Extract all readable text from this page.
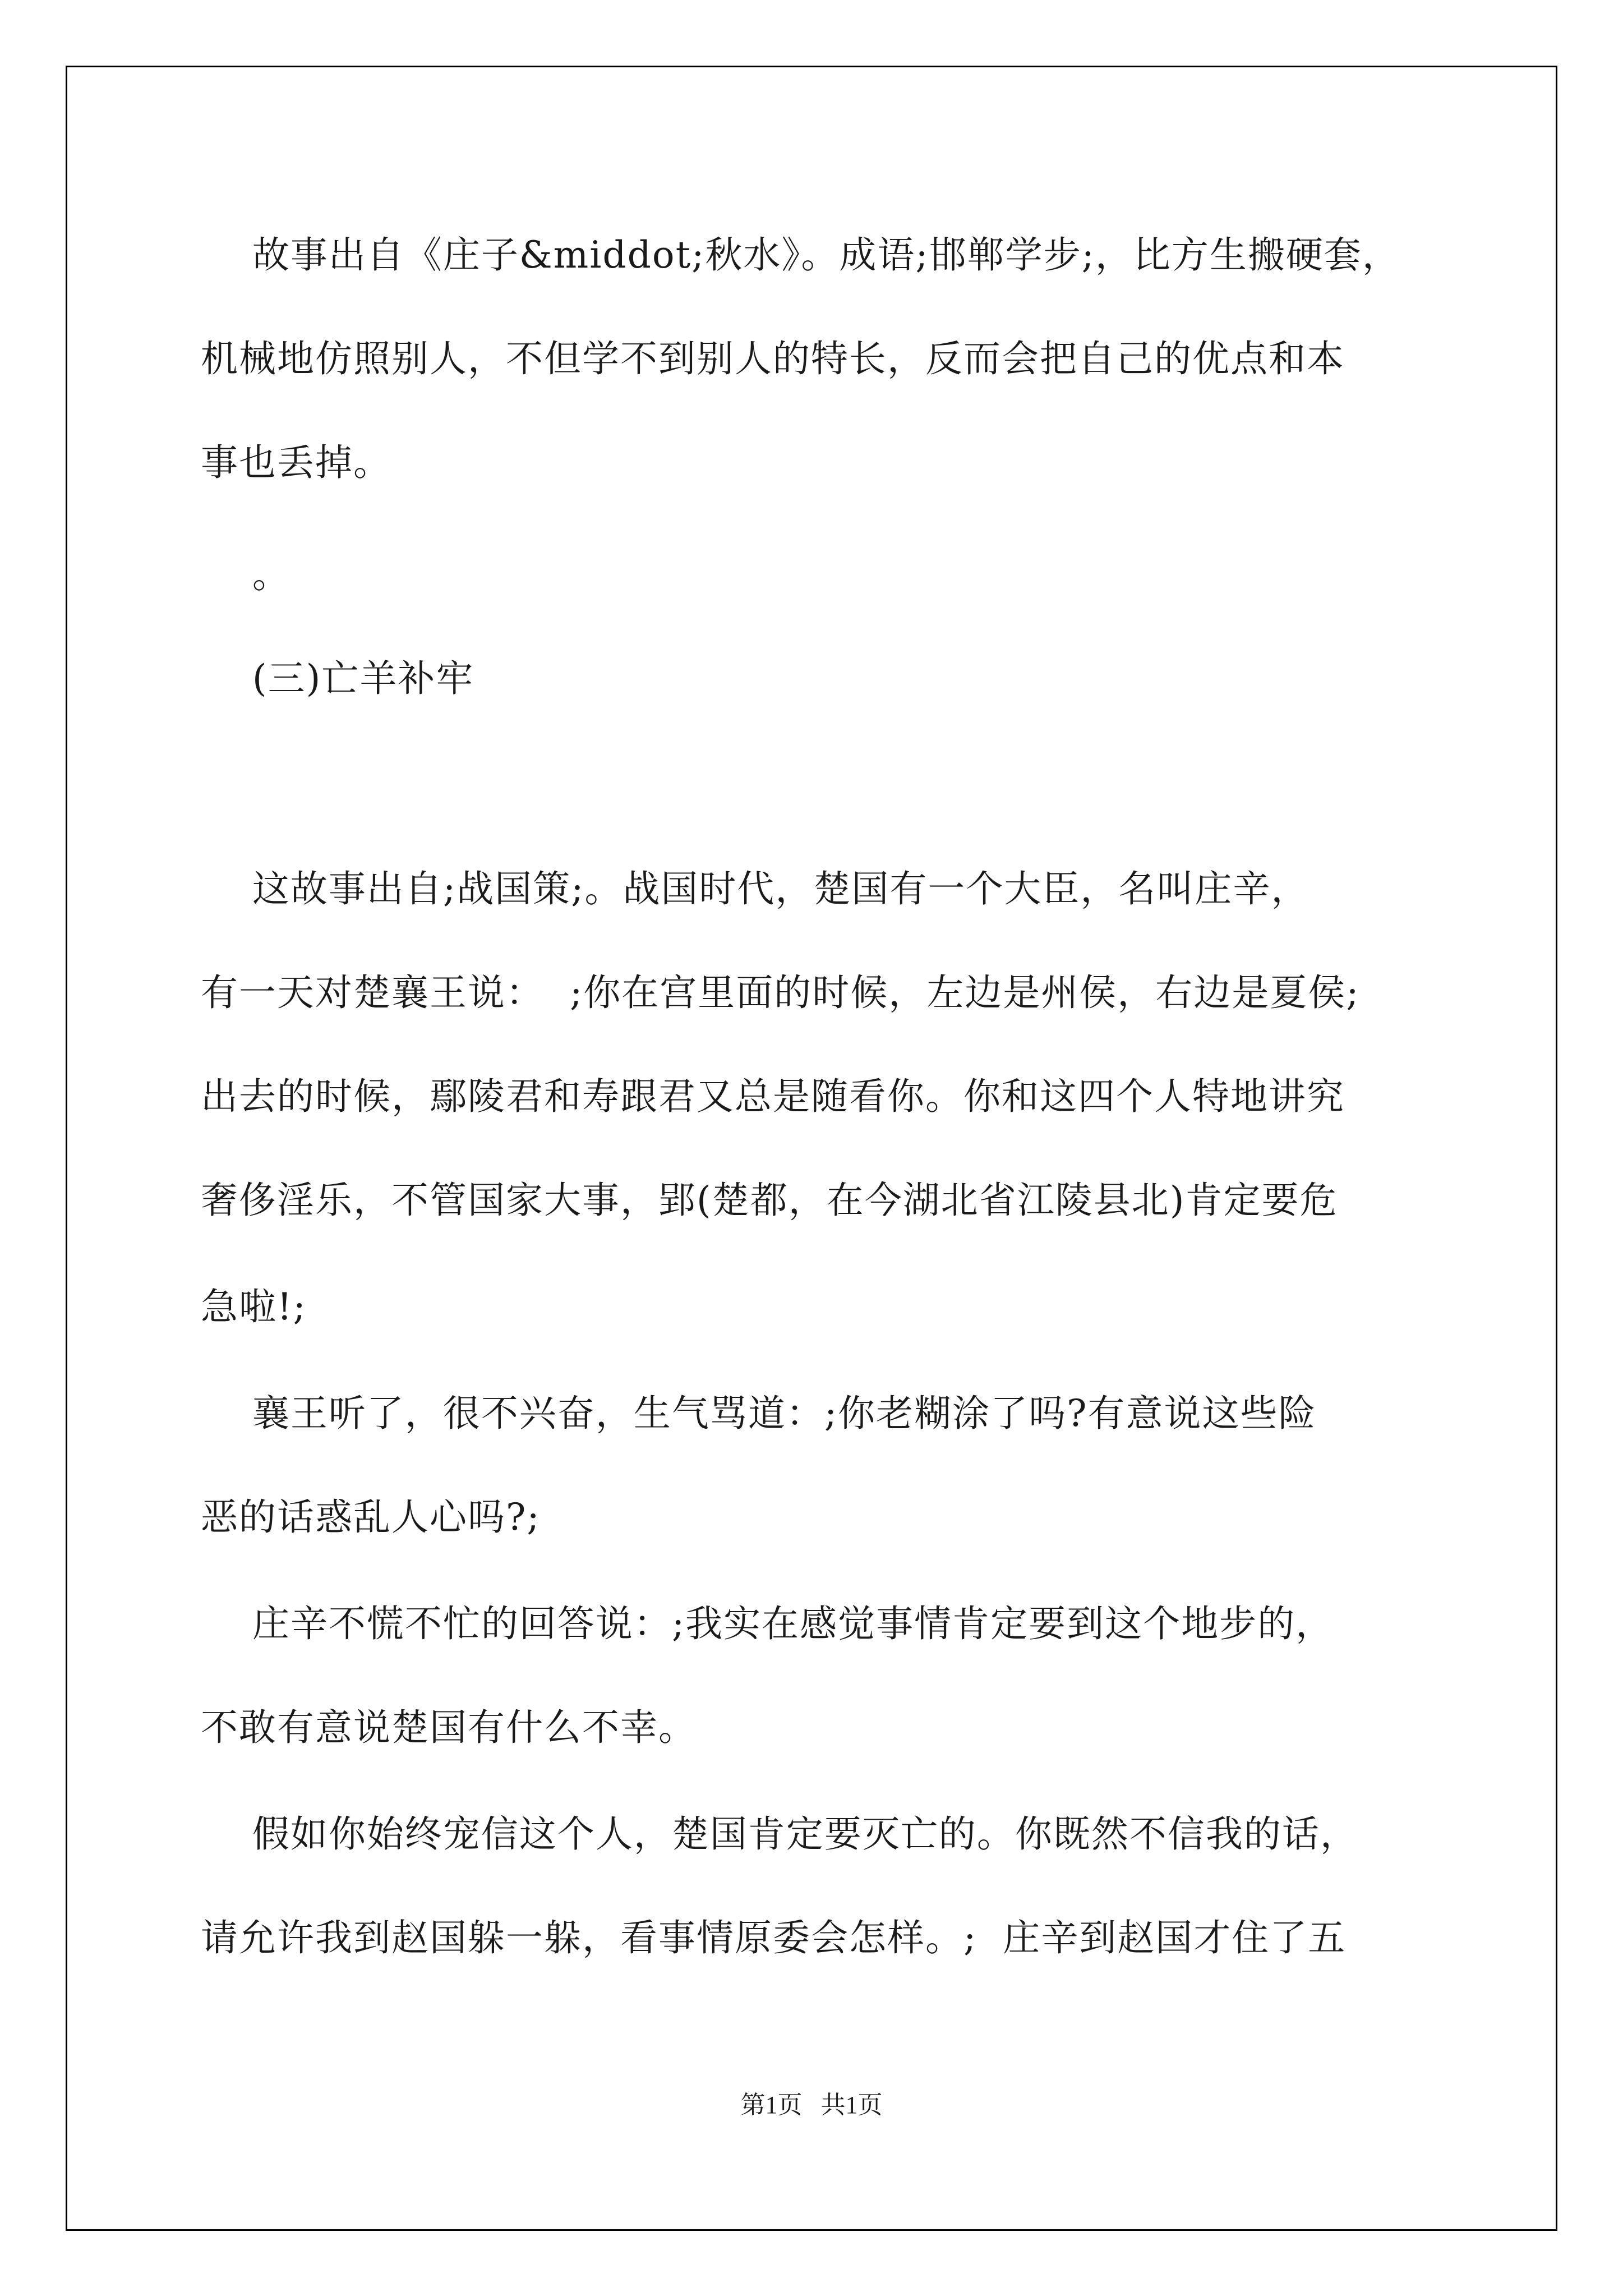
故事出自《庄子&middot;秋水》。成语;邯郸学步;，比方生搬硬套，

机械地仿照别人，不但学不到别人的特长，反而会把自己的优点和本

事也丢掉。

。

(三)亡羊补牢

这故事出自;战国策;。战国时代，楚国有一个大臣，名叫庄辛，

有一天对楚襄王说：  ;你在宫里面的时候，左边是州侯，右边是夏侯;

出去的时候，鄢陵君和寿跟君又总是随看你。你和这四个人特地讲究

奢侈淫乐，不管国家大事，郢(楚都，在今湖北省江陵县北)肯定要危

急啦!;

襄王听了，很不兴奋，生气骂道：;你老糊涂了吗?有意说这些险

恶的话惑乱人心吗?;

庄辛不慌不忙的回答说：;我实在感觉事情肯定要到这个地步的，

不敢有意说楚国有什么不幸。

假如你始终宠信这个人，楚国肯定要灭亡的。你既然不信我的话，

请允许我到赵国躲一躲，看事情原委会怎样。;  庄辛到赵国才住了五

第1页   共1页
